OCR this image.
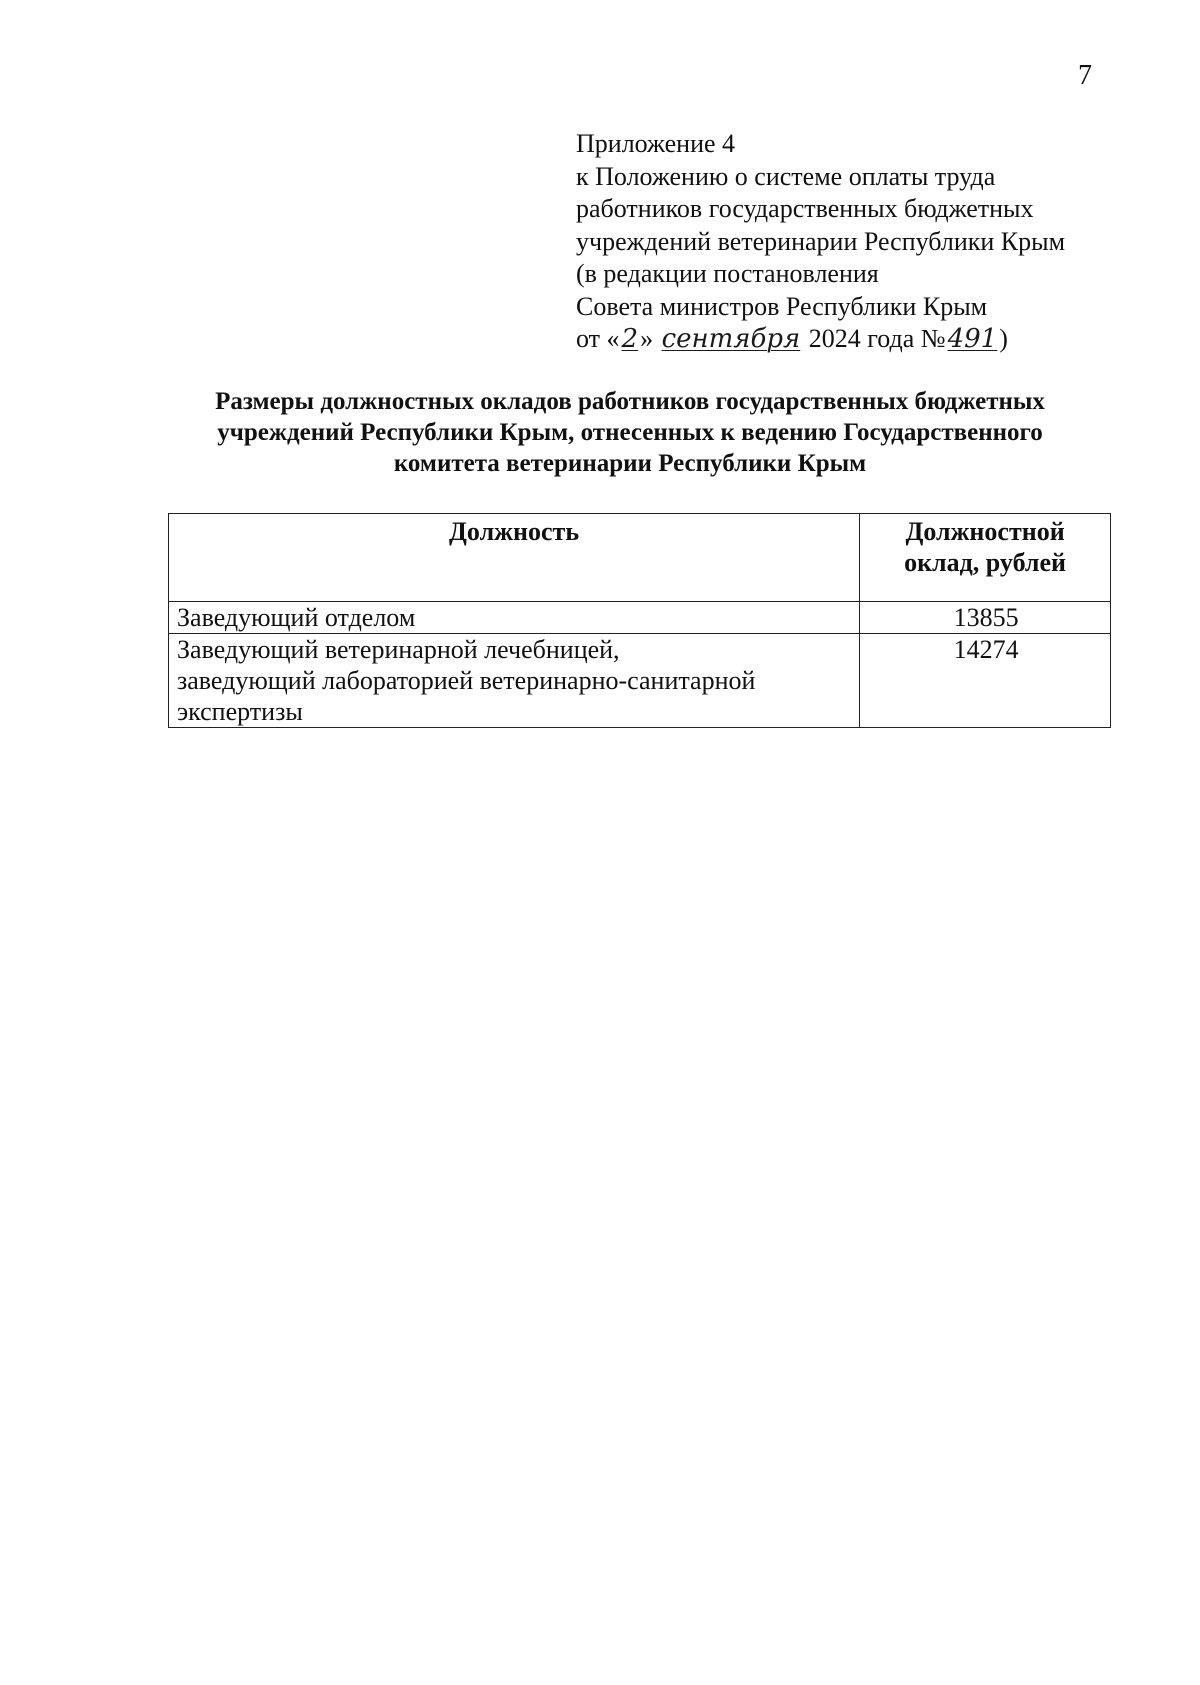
7
Приложение 4
к Положению о системе оплаты труда
работников государственных бюджетных
учреждений ветеринарии Республики Крым
(в редакции постановления
Совета министров Республики Крым
от «2» сентября 2024 года №491)
Размеры должностных окладов работников государственных бюджетных
учреждений Республики Крым, отнесенных к ведению Государственного
комитета ветеринарии Республики Крым
Должность	Должностной
оклад, рублей

Заведующий отделом	13855

Заведующий ветеринарной лечебницей,
заведующий лабораторией ветеринарно-санитарной
экспертизы	14274
